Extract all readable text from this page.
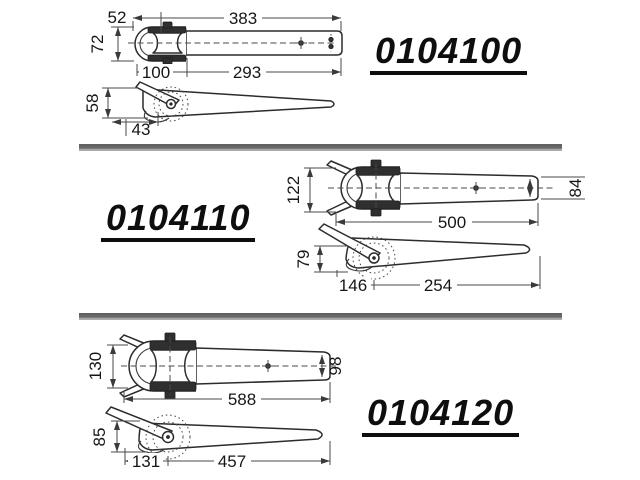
52	383
72
100	293
58
43
0104100
122	84
500
79
146	254
0104110
130	98
588
85
131	457
0104120
